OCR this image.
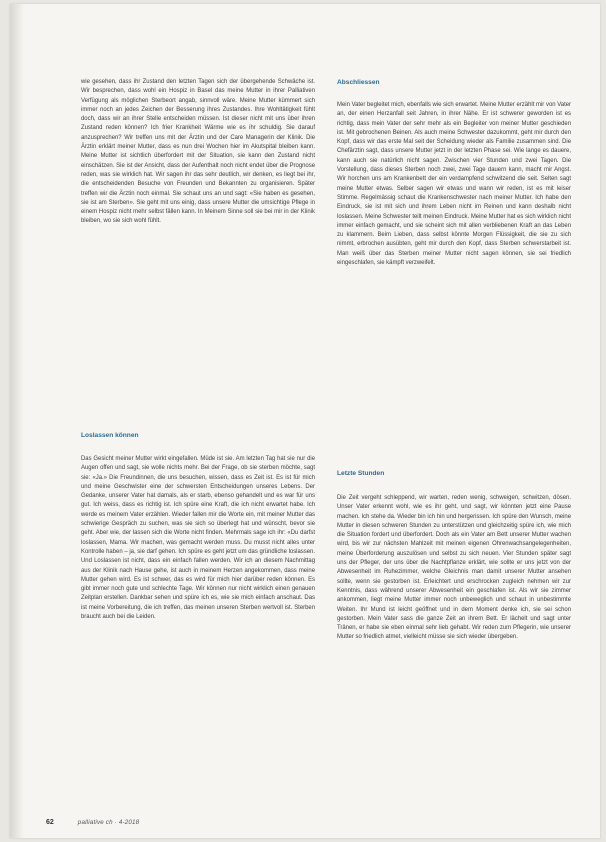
wie gesehen, dass ihr Zustand den letzten Tagen sich der übergehende Schwäche ist. Wir besprechen, dass wohl ein Hospiz in Basel das meine Mutter in ihrer Palliativen Verfügung als möglichen Sterbeort angab, sinnvoll wäre. Meine Mutter kümmert sich immer noch an jedes Zeichen der Besserung ihres Zustandes. Ihre Wohltätigkeit fühlt doch, dass wir an ihrer Stelle entscheiden müssen. Ist dieser nicht mit uns über ihren Zustand reden können? Ich frier Krankheit Wärme wie es ihr schuldig. Sie darauf anzusprechen? Wir treffen uns mit der Ärztin und der Care Managerin der Klinik. Die Ärztin erklärt meiner Mutter, dass es nun drei Wochen hier im Akutspital bleiben kann. Meine Mutter ist sichtlich überfordert mit der Situation, sie kann den Zustand nicht einschätzen. Sie ist der Ansicht, dass der Aufenthalt noch nicht endet über die Prognose reden, was sie wirklich hat. Wir sagen ihr das sehr deutlich, wir denken, es liegt bei ihr, die entscheidenden Besuche von Freunden und Bekannten zu organisieren. Später treffen wir die Ärztin noch einmal. Sie schaut uns an und sagt: «Sie haben es gesehen, sie ist am Sterben». Sie geht mit uns einig, dass unsere Mutter die umsichtige Pflege in einem Hospiz nicht mehr selbst fällen kann. In Meinem Sinne soll sie bei mir in der Klinik bleiben, wo sie sich wohl fühlt.

Loslassen können

Das Gesicht meiner Mutter wirkt eingefallen. Müde ist sie. Am letzten Tag hat sie nur die Augen offen und sagt, sie wolle nichts mehr. Bei der Frage, ob sie sterben möchte, sagt sie: «Ja.» Die Freundinnen, die uns besuchen, wissen, dass es Zeit ist. Es ist für mich und meine Geschwister eine der schwersten Entscheidungen unseres Lebens. Der Gedanke, unserer Vater hat damals, als er starb, ebenso gehandelt und es war für uns gut. Ich weiss, dass es richtig ist. Ich spüre eine Kraft, die ich nicht erwartet habe. Ich werde es meinem Vater erzählen. Wieder fallen mir die Worte ein, mit meiner Mutter das schwierige Gespräch zu suchen, was sie sich so überlegt hat und wünscht, bevor sie geht. Aber wie, der lassen sich die Worte nicht finden. Mehrmals sage ich ihr: «Du darfst loslassen, Mama. Wir machen, was gemacht werden muss. Du musst nicht alles unter Kontrolle haben – ja, sie darf gehen. Ich spüre es geht jetzt um das gründliche loslassen. Und Loslassen ist nicht, dass ein einfach fallen werden. Wir ich an diesem Nachmittag aus der Klinik nach Hause gehe, ist auch in meinem Herzen angekommen, dass meine Mutter gehen wird. Es ist schwer, das es wird für mich hier darüber reden können. Es gibt immer noch gute und schlechte Tage. Wir können nur nicht wirklich einen genauen Zeitplan erstellen. Dankbar sehen und spüre ich es, wie sie mich einfach anschaut. Das ist meine Vorbereitung, die ich treffen, das meinen unseren Sterben wertvoll ist. Sterben braucht auch bei die Leiden.

Abschliessen

Mein Vater begleitet mich, ebenfalls wie sich erwartet. Meine Mutter erzählt mir von Vater an, der einen Herzanfall seit Jahren, in ihrer Nähe. Er ist schwerer geworden ist es richtig, dass mein Vater der sehr mehr als ein Begleiter von meiner Mutter geschieden ist. Mit gebrochenen Beinen. Als auch meine Schwester dazukommt, geht mir durch den Kopf, dass wir das erste Mal seit der Scheidung wieder als Familie zusammen sind. Die Chefärztin sagt, dass unsere Mutter jetzt in der letzten Phase sei. Wie lange es dauere, kann auch sie natürlich nicht sagen. Zwischen vier Stunden und zwei Tagen. Die Vorstellung, dass dieses Sterben noch zwei, zwei Tage dauern kann, macht mir Angst. Wir horchen uns am Krankenbett der ein verdampfend schwitzend die seit. Selten sagt meine Mutter etwas. Selber sagen wir etwas und wann wir reden, ist es mit leiser Stimme. Regelmässig schaut die Krankenschwester nach meiner Mutter. Ich habe den Eindruck, sie ist mit sich und ihrem Leben nicht im Reinen und kann deshalb nicht loslassen. Meine Schwester teilt meinen Eindruck. Meine Mutter hat es sich wirklich nicht immer einfach gemacht, und sie scheint sich mit allen verbliebenen Kraft an das Leben zu klammern. Beim Lieben, dass selbst könnte Morgen Flüssigkeit, die sie zu sich nimmt, erbrochen ausübten, geht mir durch den Kopf, dass Sterben schwerstarbeit ist. Man weiß über das Sterben meiner Mutter nicht sagen können, sie sei friedlich eingeschlafen, sie kämpft verzweifelt.

Letzte Stunden

Die Zeit vergeht schleppend, wir warten, reden wenig, schweigen, schwitzen, dösen. Unser Vater erkennt wohl, wie es ihr geht, und sagt, wir könnten jetzt eine Pause machen. Ich stehe da. Wieder bin ich hin und hergerissen. Ich spüre den Wunsch, meine Mutter in diesen schweren Stunden zu unterstützen und gleichzeitig spüre ich, wie mich die Situation fordert und überfordert. Doch als ein Vater am Bett unserer Mutter wachen wird, bis wir zur nächsten Mahlzeit mit meinen eigenen Ohrenwachsangelegenheiten, meine Überforderung auszulösen und selbst zu sich neuen. Vier Stunden später sagt uns der Pfleger, der uns über die Nachtpflanze erklärt, wie sollte er uns jetzt von der Abwesenheit im Ruhezimmer, welche Gleichnis man damit unserer Mutter ansehen sollte, wenn sie gestorben ist. Erleichtert und erschrocken zugleich nehmen wir zur Kenntnis, dass während unserer Abwesenheit ein geschlafen ist. Als wir sie zimmer ankommen, liegt meine Mutter immer noch unbeweglich und schaut in unbestimmte Weiten. Ihr Mund ist leicht geöffnet und in dem Moment denke ich, sie sei schon gestorben. Mein Vater sass die ganze Zeit an ihrem Bett. Er lächelt und sagt unter Tränen, er habe sie eben einmal sehr lieb gehabt. Wir reden zum Pflegerin, wie unserer Mutter so friedlich atmet, vielleicht müsse sie sich wieder übergeben.

62	palliative ch · 4-2018
